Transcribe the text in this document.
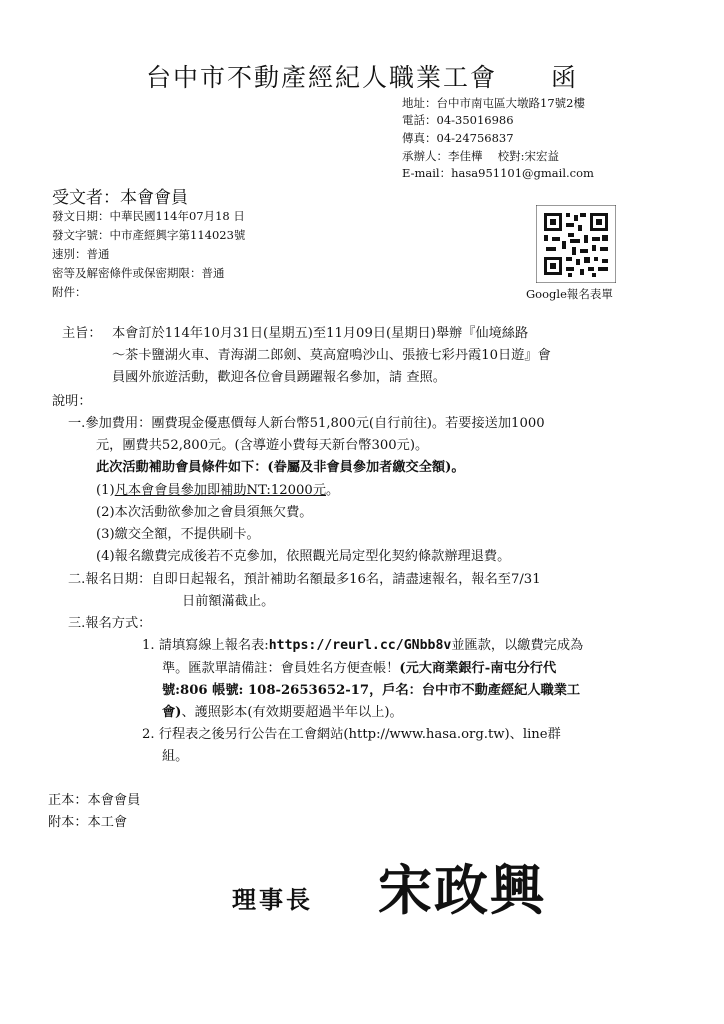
台中市不動產經紀人職業工會 函
地址：台中市南屯區大墩路17號2樓
電話：04-35016986
傳真：04-24756837
承辦人：李佳樺　 校對:宋宏益
E-mail：hasa951101@gmail.com
受文者：本會會員
發文日期：中華民國114年07月18 日
發文字號：中市產經興字第114023號
速別：普通
密等及解密條件或保密期限：普通
附件：	Google報名表單
主旨： 本會訂於114年10月31日(星期五)至11月09日(星期日)舉辦『仙境絲路
～茶卡鹽湖火車、青海湖二郎劍、莫高窟鳴沙山、張掖七彩丹霞10日遊』會
員國外旅遊活動，歡迎各位會員踴躍報名參加，請 查照。
說明：
一.參加費用：團費現金優惠價每人新台幣51,800元(自行前往)。若要接送加1000
元，團費共52,800元。(含導遊小費每天新台幣300元)。
此次活動補助會員條件如下：(眷屬及非會員參加者繳交全額)。
(1)凡本會會員參加即補助NT:12000元。
(2)本次活動欲參加之會員須無欠費。
(3)繳交全額，不提供刷卡。
(4)報名繳費完成後若不克參加，依照觀光局定型化契約條款辦理退費。
二.報名日期：自即日起報名，預計補助名額最多16名，請盡速報名，報名至7/31
日前額滿截止。
三.報名方式：
1. 請填寫線上報名表:https://reurl.cc/GNbb8v並匯款，以繳費完成為
準。匯款單請備註：會員姓名方便查帳！(元大商業銀行-南屯分行代
號:806 帳號: 108-2653652-17，戶名：台中市不動產經紀人職業工
會)、護照影本(有效期要超過半年以上)。
2. 行程表之後另行公告在工會網站(http://www.hasa.org.tw)、line群
組。
正本：本會會員
附本：本工會
理事長 宋政興
